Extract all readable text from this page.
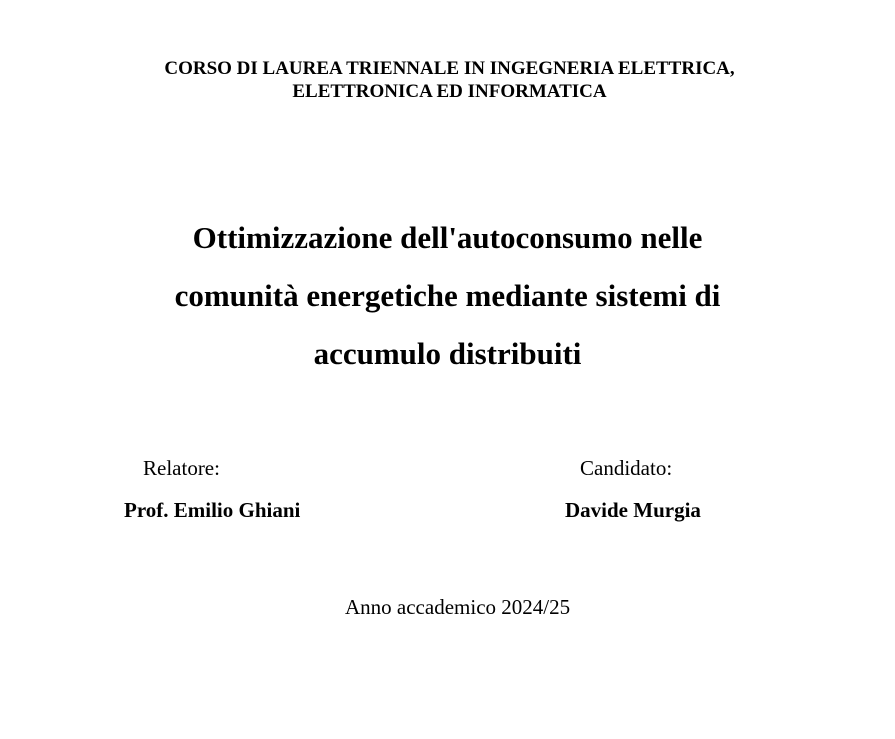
CORSO DI LAUREA TRIENNALE IN INGEGNERIA ELETTRICA,
ELETTRONICA ED INFORMATICA
Ottimizzazione dell'autoconsumo nelle
comunità energetiche mediante sistemi di
accumulo distribuiti
Relatore:
Prof. Emilio Ghiani
Candidato:
Davide Murgia
Anno accademico 2024/25
